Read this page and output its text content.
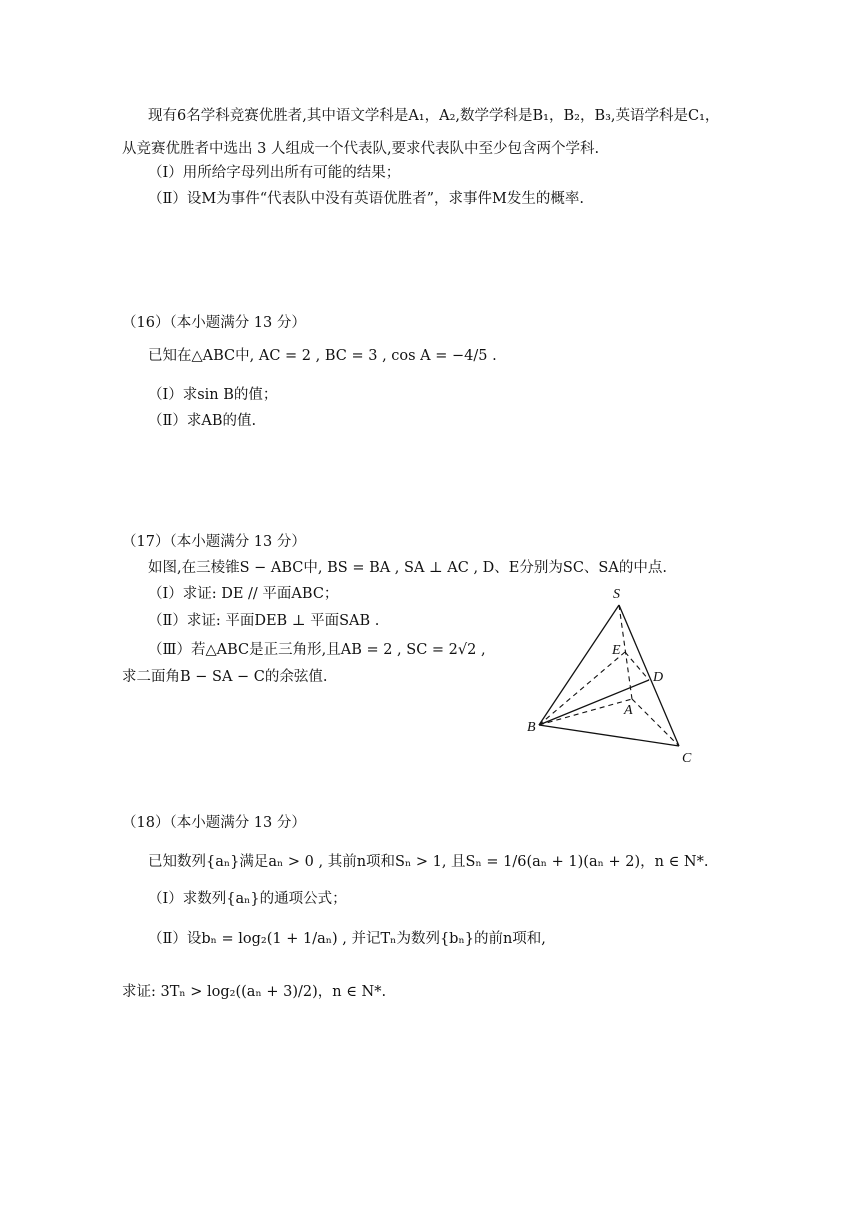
现有6名学科竞赛优胜者,其中语文学科是A₁，A₂,数学学科是B₁，B₂，B₃,英语学科是C₁，
从竞赛优胜者中选出 3 人组成一个代表队,要求代表队中至少包含两个学科.
（Ⅰ）用所给字母列出所有可能的结果；
（Ⅱ）设M为事件“代表队中没有英语优胜者”，求事件M发生的概率.
（16）（本小题满分 13 分）
已知在△ABC中, AC = 2 , BC = 3 , cos A = −4/5 .
（Ⅰ）求sin B的值；
（Ⅱ）求AB的值.
（17）（本小题满分 13 分）
如图,在三棱锥S − ABC中, BS = BA , SA ⊥ AC , D、E分别为SC、SA的中点.
（Ⅰ）求证: DE // 平面ABC；
（Ⅱ）求证: 平面DEB ⊥ 平面SAB .
（Ⅲ）若△ABC是正三角形,且AB = 2 , SC = 2√2 ,
求二面角B − SA − C的余弦值.
S
E
D
A
B
C
（18）（本小题满分 13 分）
已知数列{aₙ}满足aₙ > 0 , 其前n项和Sₙ > 1, 且Sₙ = 1/6(aₙ + 1)(aₙ + 2)，n ∈ N*.
（Ⅰ）求数列{aₙ}的通项公式；
（Ⅱ）设bₙ = log₂(1 + 1/aₙ) , 并记Tₙ为数列{bₙ}的前n项和,
求证: 3Tₙ > log₂((aₙ + 3)/2)，n ∈ N*.
